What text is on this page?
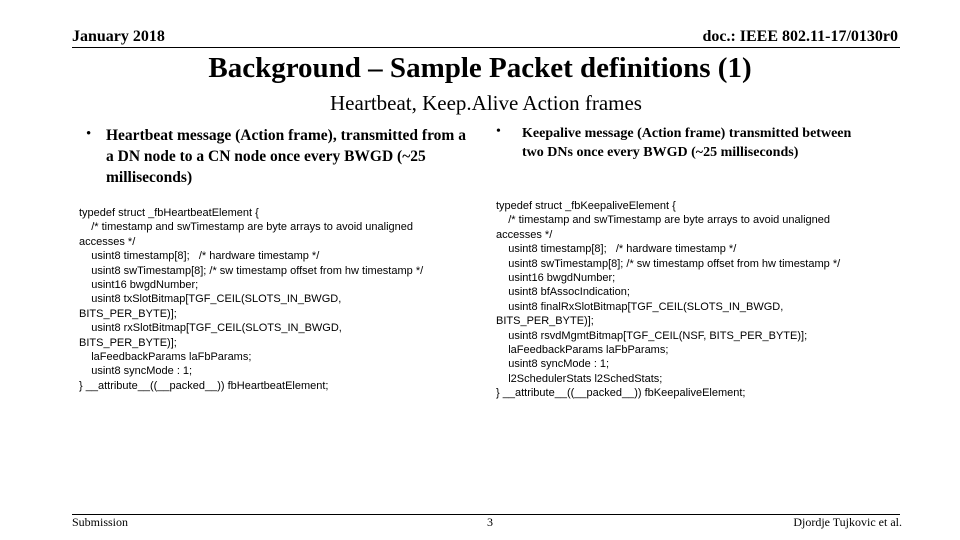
January 2018	doc.: IEEE 802.11-17/0130r0
Background – Sample Packet definitions (1)
Heartbeat, Keep.Alive Action frames
• Heartbeat message (Action frame), transmitted from a a DN node to a CN node once every BWGD (~25 milliseconds)
typedef struct _fbHeartbeatElement {
/* timestamp and swTimestamp are byte arrays to avoid unaligned
accesses */
usint8 timestamp[8];   /* hardware timestamp */
usint8 swTimestamp[8]; /* sw timestamp offset from hw timestamp */
usint16 bwgdNumber;
usint8 txSlotBitmap[TGF_CEIL(SLOTS_IN_BWGD,
BITS_PER_BYTE)];
usint8 rxSlotBitmap[TGF_CEIL(SLOTS_IN_BWGD,
BITS_PER_BYTE)];
laFeedbackParams laFbParams;
usint8 syncMode : 1;
} __attribute__((__packed__)) fbHeartbeatElement;
• Keepalive message (Action frame) transmitted between two DNs once every BWGD (~25 milliseconds)
typedef struct _fbKeepaliveElement {
/* timestamp and swTimestamp are byte arrays to avoid unaligned
accesses */
usint8 timestamp[8];   /* hardware timestamp */
usint8 swTimestamp[8]; /* sw timestamp offset from hw timestamp */
usint16 bwgdNumber;
usint8 bfAssocIndication;
usint8 finalRxSlotBitmap[TGF_CEIL(SLOTS_IN_BWGD,
BITS_PER_BYTE)];
usint8 rsvdMgmtBitmap[TGF_CEIL(NSF, BITS_PER_BYTE)];
laFeedbackParams laFbParams;
usint8 syncMode : 1;
l2SchedulerStats l2SchedStats;
} __attribute__((__packed__)) fbKeepaliveElement;
Submission	3	Djordje Tujkovic et al.
